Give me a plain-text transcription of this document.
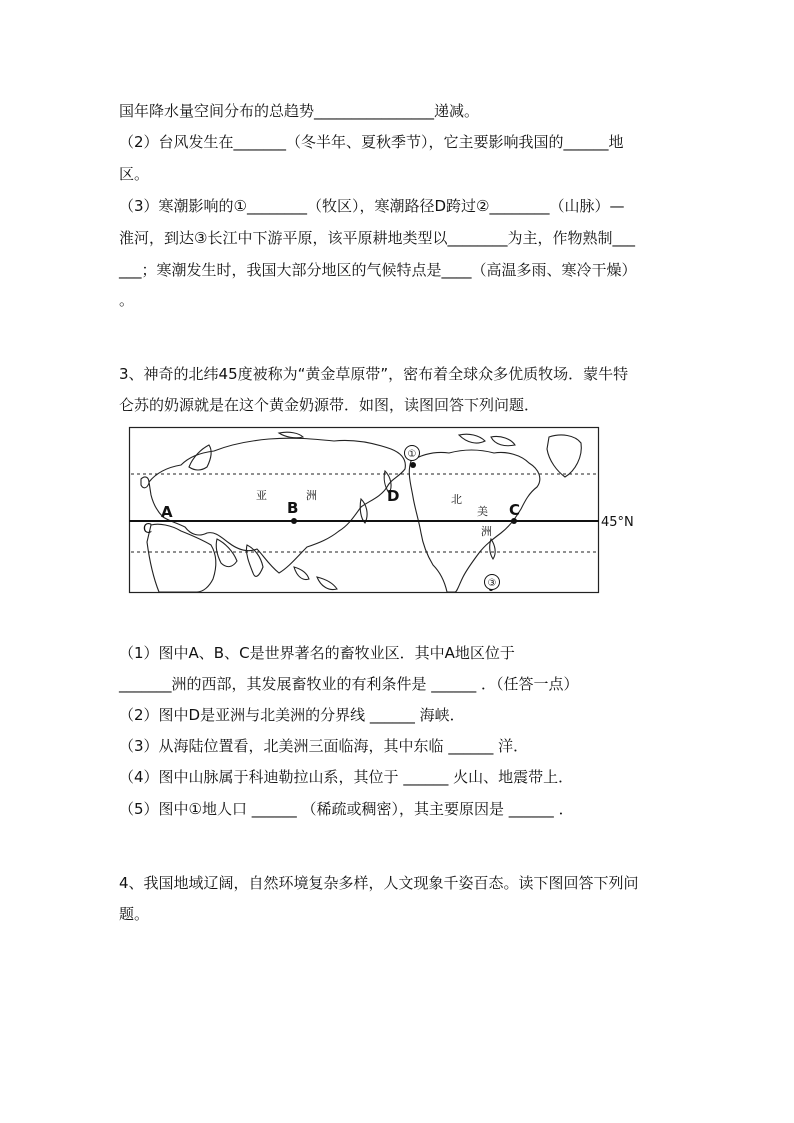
国年降水量空间分布的总趋势________________递减。
（2）台风发生在_______（冬半年、夏秋季节），它主要影响我国的______地
区。
（3）寒潮影响的①________（牧区），寒潮路径D跨过②________（山脉）—
淮河，到达③长江中下游平原，该平原耕地类型以________为主，作物熟制___
___；寒潮发生时，我国大部分地区的气候特点是____（高温多雨、寒冷干燥）
。
3、神奇的北纬45度被称为“黄金草原带”，密布着全球众多优质牧场．蒙牛特
仑苏的奶源就是在这个黄金奶源带．如图，读图回答下列问题．
A	B	C
C
D
亚	洲	北
美
洲
①
③
45°N
（1）图中A、B、C是世界著名的畜牧业区．其中A地区位于
_______洲的西部，其发展畜牧业的有利条件是 ______ ．（任答一点）
（2）图中D是亚洲与北美洲的分界线 ______ 海峡．
（3）从海陆位置看，北美洲三面临海，其中东临 ______ 洋．
（4）图中山脉属于科迪勒拉山系，其位于 ______ 火山、地震带上．
（5）图中①地人口 ______ （稀疏或稠密），其主要原因是 ______ ．
4、我国地域辽阔，自然环境复杂多样，人文现象千姿百态。读下图回答下列问
题。
